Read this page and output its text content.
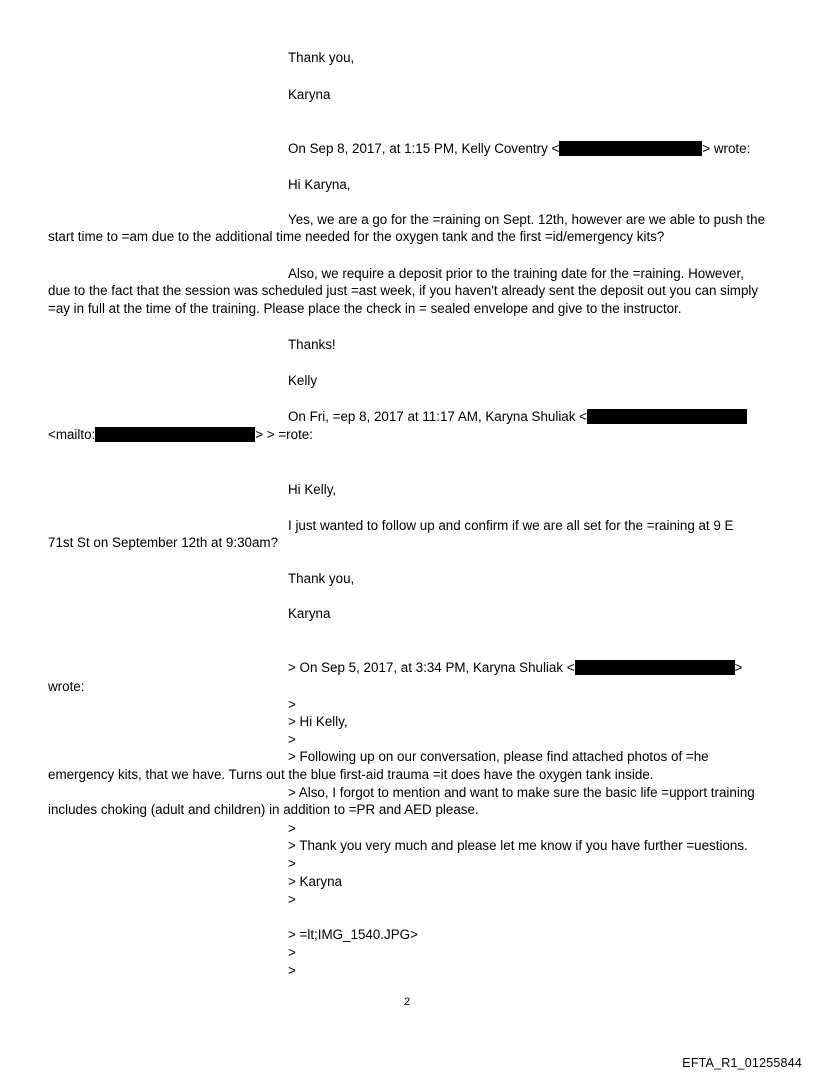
Thank you,
Karyna
On Sep 8, 2017, at 1:15 PM, Kelly Coventry <	> wrote:
Hi Karyna,
Yes, we are a go for the =raining on Sept. 12th, however are we able to push the
start time to =am due to the additional time needed for the oxygen tank and the first =id/emergency kits?
Also, we require a deposit prior to the training date for the =raining. However,
due to the fact that the session was scheduled just =ast week, if you haven't already sent the deposit out you can simply
=ay in full at the time of the training. Please place the check in = sealed envelope and give to the instructor.
Thanks!
Kelly
On Fri, =ep 8, 2017 at 11:17 AM, Karyna Shuliak <
<mailto:	> > =rote:
Hi Kelly,
I just wanted to follow up and confirm if we are all set for the =raining at 9 E
71st St on September 12th at 9:30am?
Thank you,
Karyna
> On Sep 5, 2017, at 3:34 PM, Karyna Shuliak <	>
wrote:
>
> Hi Kelly,
>
> Following up on our conversation, please find attached photos of =he
emergency kits, that we have. Turns out the blue first-aid trauma =it does have the oxygen tank inside.
> Also, I forgot to mention and want to make sure the basic life =upport training
includes choking (adult and children) in addition to =PR and AED please.
>
> Thank you very much and please let me know if you have further =uestions.
>
> Karyna
>
> =lt;IMG_1540.JPG>
>
>
2
EFTA_R1_01255844
